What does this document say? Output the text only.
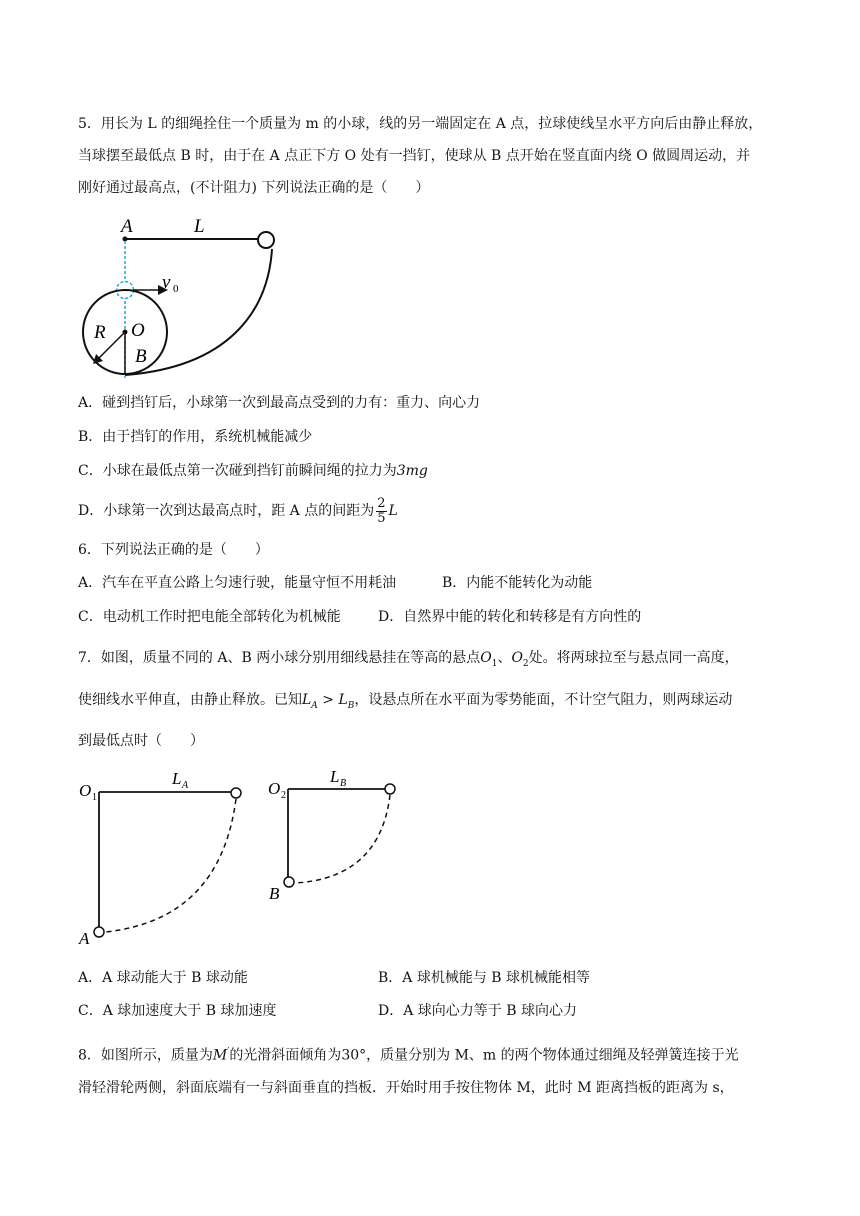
5．用长为 L 的细绳拴住一个质量为 m 的小球，线的另一端固定在 A 点，拉球使线呈水平方向后由静止释放，
当球摆至最低点 B 时，由于在 A 点正下方 O 处有一挡钉，使球从 B 点开始在竖直面内绕 O 做圆周运动，并
刚好通过最高点，(不计阻力) 下列说法正确的是（　　）
A	L
v 0
R O
B
A．碰到挡钉后，小球第一次到最高点受到的力有：重力、向心力
B．由于挡钉的作用，系统机械能减少
C．小球在最低点第一次碰到挡钉前瞬间绳的拉力为3mg
D．小球第一次到达最高点时，距 A 点的间距为 $\frac{2}{5}$ L
6．下列说法正确的是（　　）
A．汽车在平直公路上匀速行驶，能量守恒不用耗油	B．内能不能转化为动能
C．电动机工作时把电能全部转化为机械能	D．自然界中能的转化和转移是有方向性的
7．如图，质量不同的 A、B 两小球分别用细线悬挂在等高的悬点$O_1$、$O_2$处。将两球拉至与悬点同一高度，
使细线水平伸直，由静止释放。已知$L_A > L_B$，设悬点所在水平面为零势能面，不计空气阻力，则两球运动
到最低点时（　　）
O 1
L A
A
O 2
L B
B
A．A 球动能大于 B 球动能	B．A 球机械能与 B 球机械能相等
C．A 球加速度大于 B 球加速度	D．A 球向心力等于 B 球向心力
8．如图所示，质量为M′的光滑斜面倾角为30°，质量分别为 M、m 的两个物体通过细绳及轻弹簧连接于光
滑轻滑轮两侧，斜面底端有一与斜面垂直的挡板．开始时用手按住物体 M，此时 M 距离挡板的距离为 s，
